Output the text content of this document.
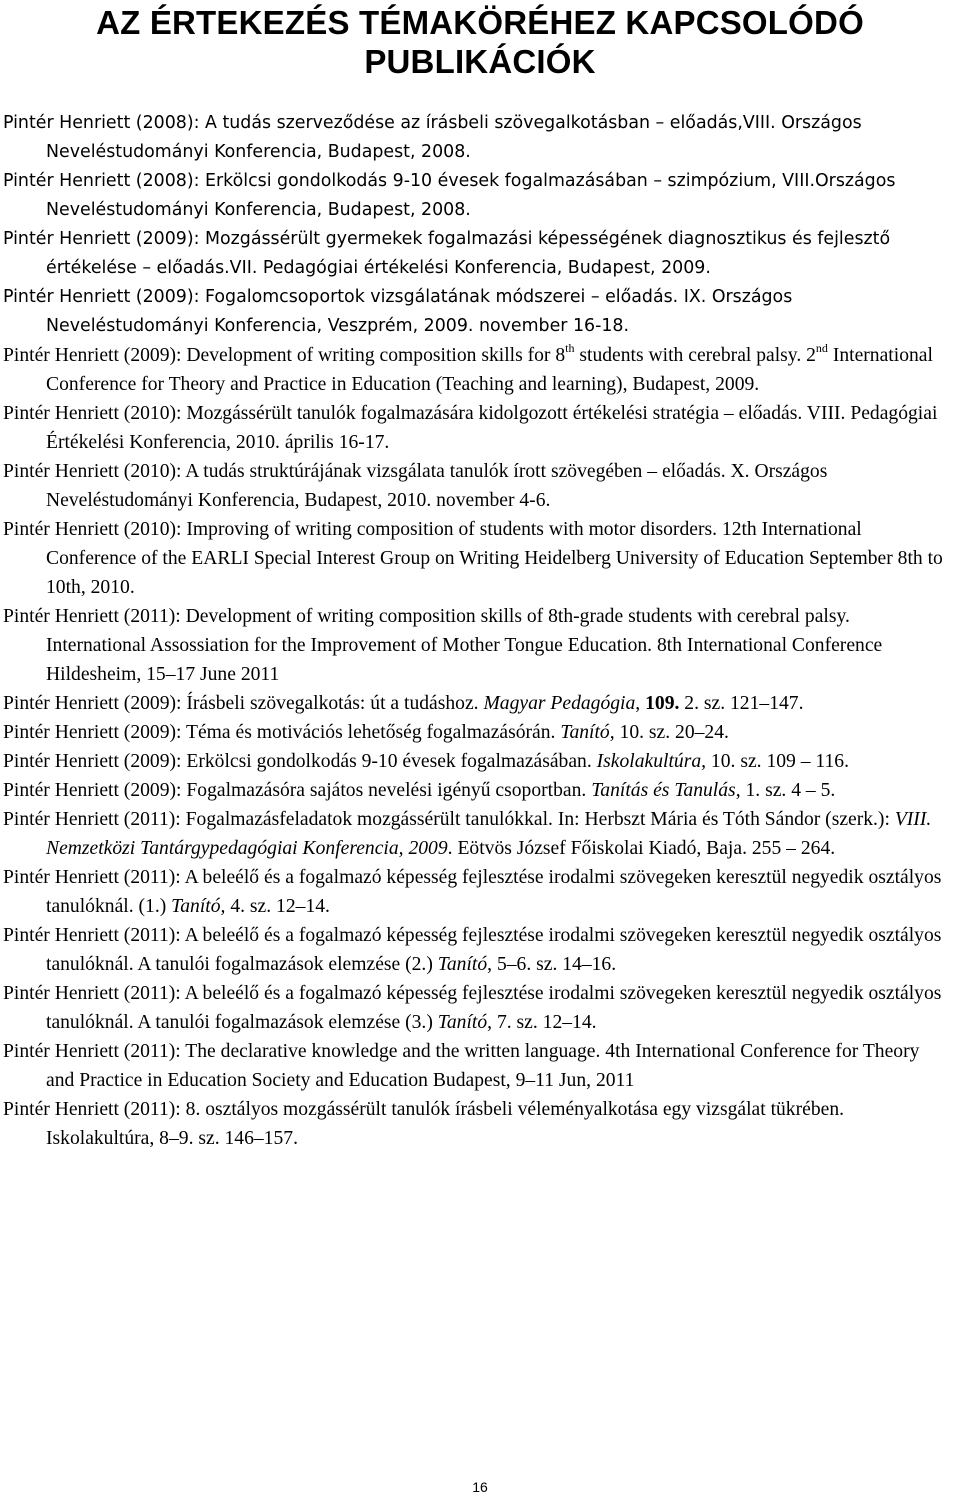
AZ ÉRTEKEZÉS TÉMAKÖRÉHEZ KAPCSOLÓDÓ
PUBLIKÁCIÓK
Pintér Henriett (2008): A tudás szerveződése az írásbeli szövegalkotásban – előadás,VIII. Országos Neveléstudományi Konferencia, Budapest, 2008.
Pintér Henriett (2008): Erkölcsi gondolkodás 9-10 évesek fogalmazásában – szimpózium, VIII.Országos Neveléstudományi Konferencia, Budapest, 2008.
Pintér Henriett (2009): Mozgássérült gyermekek fogalmazási képességének diagnosztikus és fejlesztő értékelése – előadás.VII. Pedagógiai értékelési Konferencia, Budapest, 2009.
Pintér Henriett (2009): Fogalomcsoportok vizsgálatának módszerei – előadás. IX. Országos Neveléstudományi Konferencia, Veszprém, 2009. november 16-18.
Pintér Henriett (2009): Development of writing composition skills for 8th students with cerebral palsy. 2nd International Conference for Theory and Practice in Education (Teaching and learning), Budapest, 2009.
Pintér Henriett (2010): Mozgássérült tanulók fogalmazására kidolgozott értékelési stratégia – előadás. VIII. Pedagógiai Értékelési Konferencia, 2010. április 16-17.
Pintér Henriett (2010): A tudás struktúrájának vizsgálata tanulók írott szövegében – előadás. X. Országos Neveléstudományi Konferencia, Budapest, 2010. november 4-6.
Pintér Henriett (2010): Improving of writing composition of students with motor disorders. 12th International Conference of the EARLI Special Interest Group on Writing Heidelberg University of Education September 8th to 10th, 2010.
Pintér Henriett (2011): Development of writing composition skills of 8th-grade students with cerebral palsy. International Assossiation for the Improvement of Mother Tongue Education. 8th International Conference Hildesheim, 15–17 June 2011
Pintér Henriett (2009): Írásbeli szövegalkotás: út a tudáshoz. Magyar Pedagógia, 109. 2. sz. 121–147.
Pintér Henriett (2009): Téma és motivációs lehetőség fogalmazásórán. Tanító, 10. sz. 20–24.
Pintér Henriett (2009): Erkölcsi gondolkodás 9-10 évesek fogalmazásában. Iskolakultúra, 10. sz. 109 – 116.
Pintér Henriett (2009): Fogalmazásóra sajátos nevelési igényű csoportban. Tanítás és Tanulás, 1. sz. 4 – 5.
Pintér Henriett (2011): Fogalmazásfeladatok mozgássérült tanulókkal. In: Herbszt Mária és Tóth Sándor (szerk.): VIII. Nemzetközi Tantárgypedagógiai Konferencia, 2009. Eötvös József Főiskolai Kiadó, Baja. 255 – 264.
Pintér Henriett (2011): A beleélő és a fogalmazó képesség fejlesztése irodalmi szövegeken keresztül negyedik osztályos tanulóknál. (1.) Tanító, 4. sz. 12–14.
Pintér Henriett (2011): A beleélő és a fogalmazó képesség fejlesztése irodalmi szövegeken keresztül negyedik osztályos tanulóknál. A tanulói fogalmazások elemzése (2.) Tanító, 5–6. sz. 14–16.
Pintér Henriett (2011): A beleélő és a fogalmazó képesség fejlesztése irodalmi szövegeken keresztül negyedik osztályos tanulóknál. A tanulói fogalmazások elemzése (3.) Tanító, 7. sz. 12–14.
Pintér Henriett (2011): The declarative knowledge and the written language. 4th International Conference for Theory and Practice in Education Society and Education Budapest, 9–11 Jun, 2011
Pintér Henriett (2011): 8. osztályos mozgássérült tanulók írásbeli véleményalkotása egy vizsgálat tükrében. Iskolakultúra, 8–9. sz. 146–157.
16
